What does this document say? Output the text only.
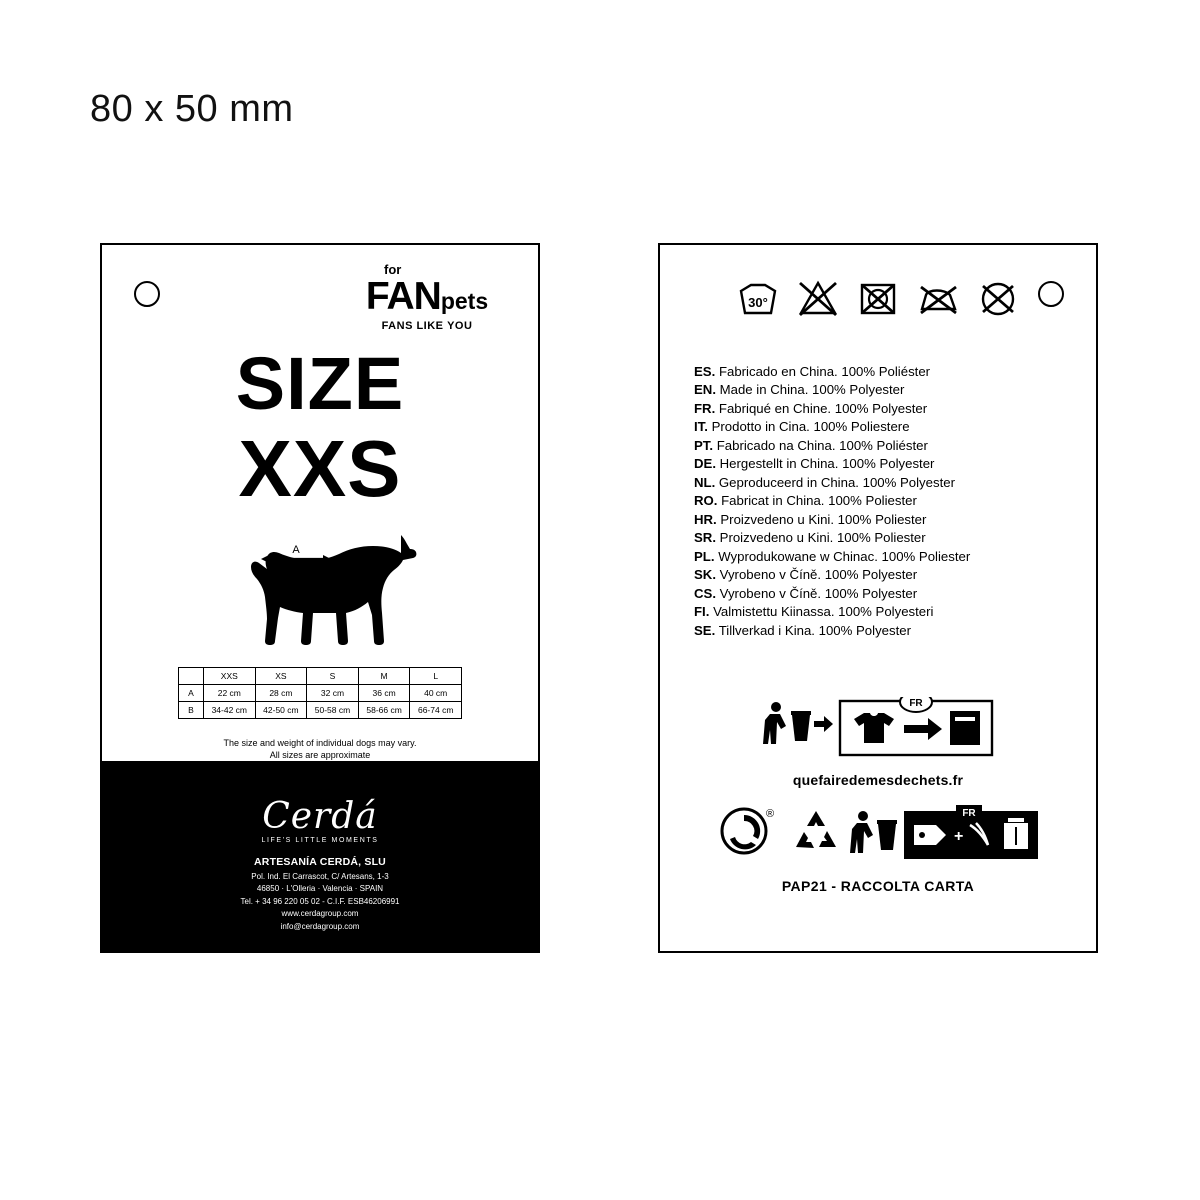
80 x 50 mm
for
FANpets
FANS LIKE YOU
SIZE
XXS
A
B
	XXS	XS	S	M	L
A	22 cm	28 cm	32 cm	36 cm	40 cm
B	34-42 cm	42-50 cm	50-58 cm	58-66 cm	66-74 cm
The size and weight of individual dogs may vary.
All sizes are approximate
Cerdá
LIFE'S LITTLE MOMENTS
ARTESANÍA CERDÁ, SLU
Pol. Ind. El Carrascot, C/ Artesans, 1-3
46850 · L'Olleria · Valencia · SPAIN
Tel. + 34 96 220 05 02 - C.I.F. ESB46206991
www.cerdagroup.com
info@cerdagroup.com
30°
ES. Fabricado en China. 100% Poliéster
EN. Made in China. 100% Polyester
FR. Fabriqué en Chine. 100% Polyester
IT. Prodotto in Cina. 100% Poliestere
PT. Fabricado na China. 100% Poliéster
DE. Hergestellt in China. 100% Polyester
NL. Geproduceerd in China. 100% Polyester
RO. Fabricat in China. 100% Poliester
HR. Proizvedeno u Kini. 100% Poliester
SR. Proizvedeno u Kini. 100% Poliester
PL. Wyprodukowane w Chinac. 100% Poliester
SK. Vyrobeno v Číně. 100% Polyester
CS. Vyrobeno v Číně. 100% Polyester
FI. Valmistettu Kiinassa. 100% Polyesteri
SE. Tillverkad i Kina. 100% Polyester
FR
quefairedemesdechets.fr
®	FR
+
PAP21 - RACCOLTA CARTA
